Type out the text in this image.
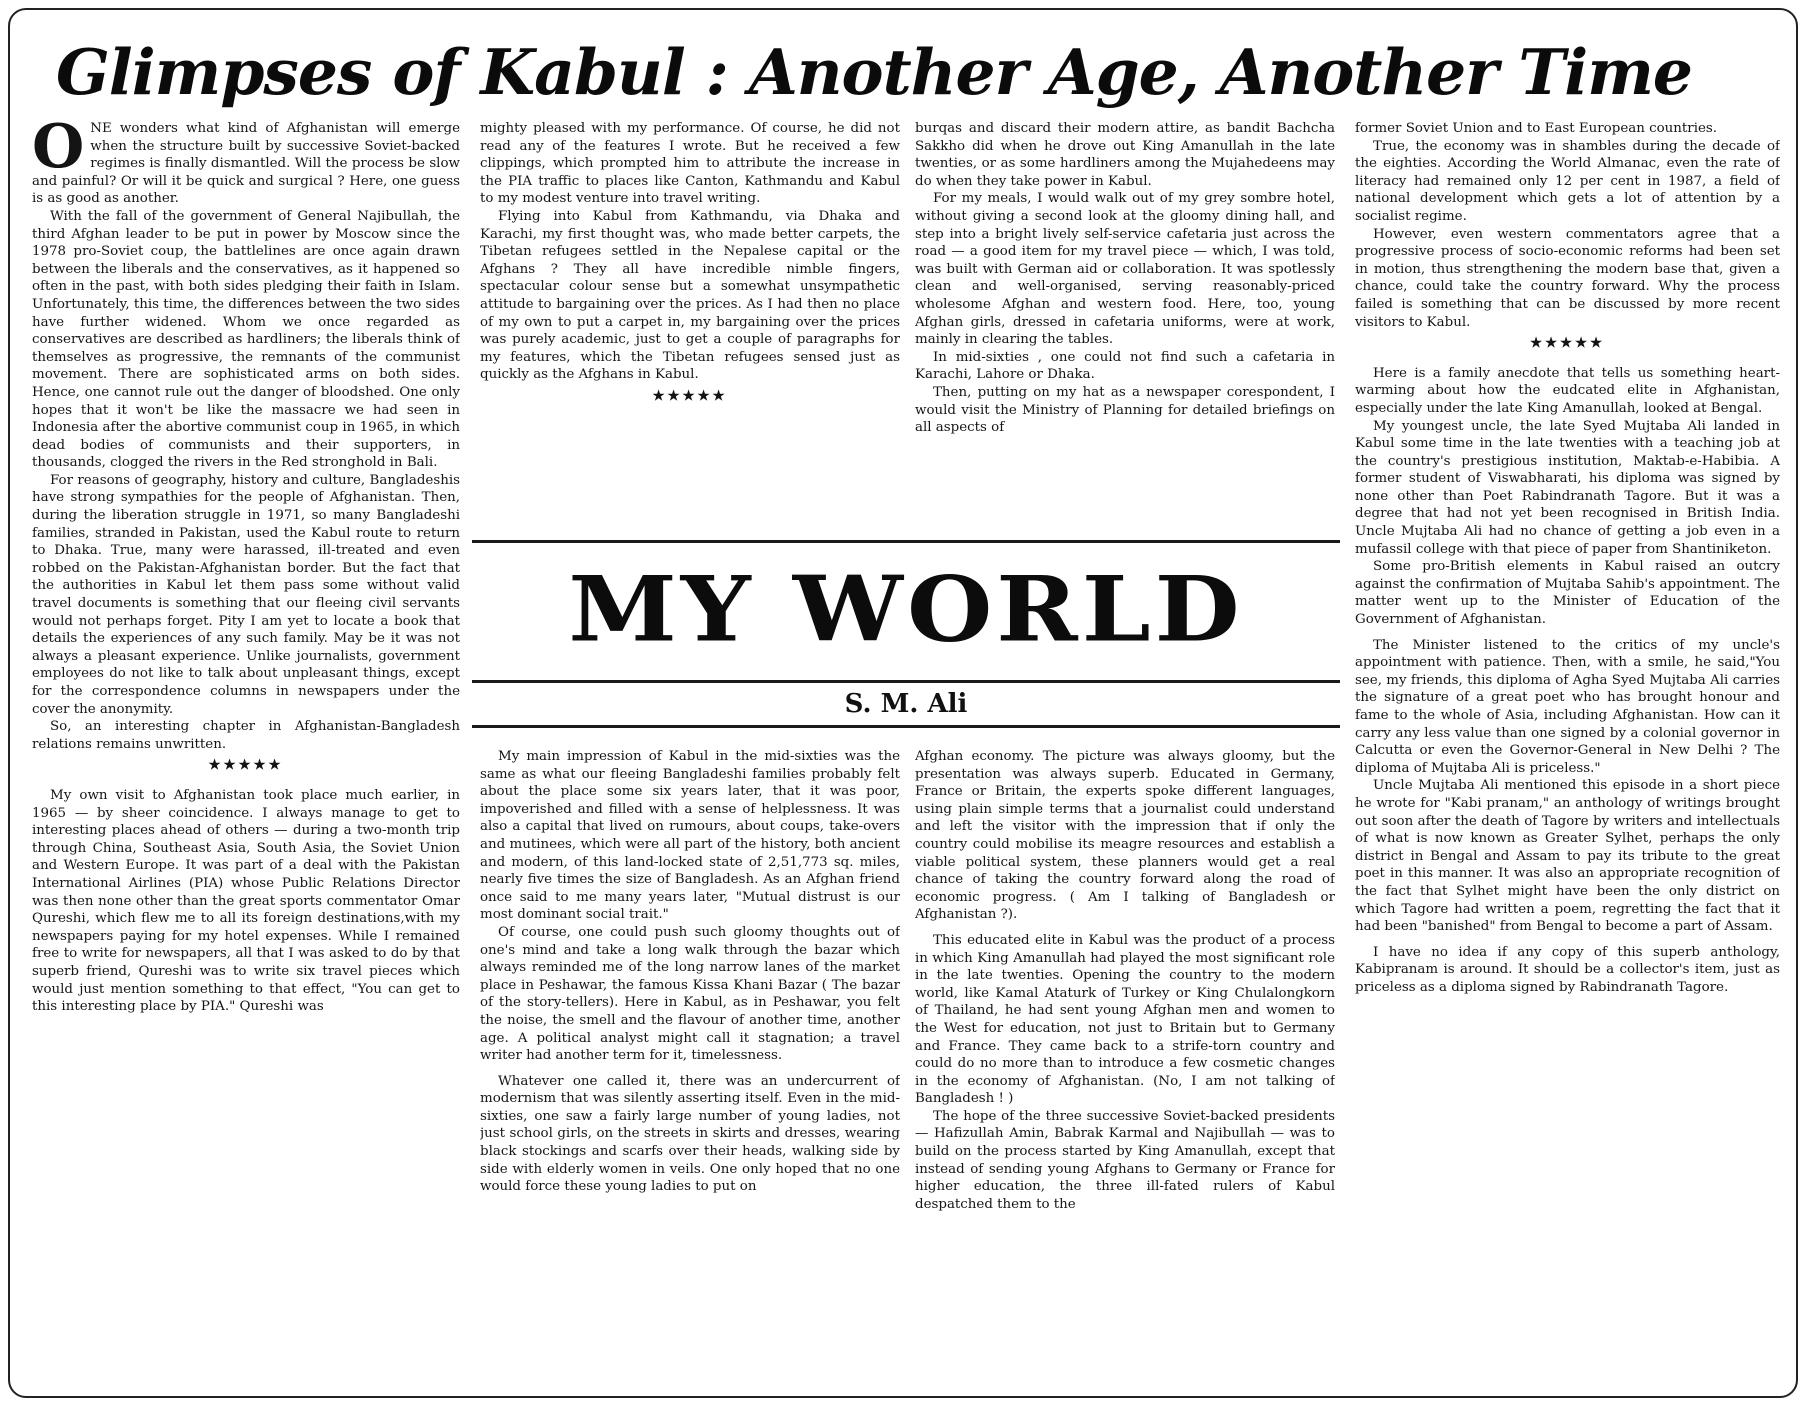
Glimpses of Kabul : Another Age, Another Time

ONE wonders what kind of Afghanistan will emerge when the structure built by successive Soviet-backed regimes is finally dismantled. Will the process be slow and painful? Or will it be quick and surgical ? Here, one guess is as good as another.

With the fall of the government of General Najibullah, the third Afghan leader to be put in power by Moscow since the 1978 pro-Soviet coup, the battlelines are once again drawn between the liberals and the conservatives, as it happened so often in the past, with both sides pledging their faith in Islam. Unfortunately, this time, the differences between the two sides have further widened. Whom we once regarded as conservatives are described as hardliners; the liberals think of themselves as progressive, the remnants of the communist movement. There are sophisticated arms on both sides. Hence, one cannot rule out the danger of bloodshed. One only hopes that it won't be like the massacre we had seen in Indonesia after the abortive communist coup in 1965, in which dead bodies of communists and their supporters, in thousands, clogged the rivers in the Red stronghold in Bali.

For reasons of geography, history and culture, Bangladeshis have strong sympathies for the people of Afghanistan. Then, during the liberation struggle in 1971, so many Bangladeshi families, stranded in Pakistan, used the Kabul route to return to Dhaka. True, many were harassed, ill-treated and even robbed on the Pakistan-Afghanistan border. But the fact that the authorities in Kabul let them pass some without valid travel documents is something that our fleeing civil servants would not perhaps forget. Pity I am yet to locate a book that details the experiences of any such family. May be it was not always a pleasant experience. Unlike journalists, government employees do not like to talk about unpleasant things, except for the correspondence columns in newspapers under the cover the anonymity.

So, an interesting chapter in Afghanistan-Bangladesh relations remains unwritten.

★★★★★

My own visit to Afghanistan took place much earlier, in 1965 — by sheer coincidence. I always manage to get to interesting places ahead of others — during a two-month trip through China, Southeast Asia, South Asia, the Soviet Union and Western Europe. It was part of a deal with the Pakistan International Airlines (PIA) whose Public Relations Director was then none other than the great sports commentator Omar Qureshi, which flew me to all its foreign destinations,with my newspapers paying for my hotel expenses. While I remained free to write for newspapers, all that I was asked to do by that superb friend, Qureshi was to write six travel pieces which would just mention something to that effect, "You can get to this interesting place by PIA." Qureshi was

mighty pleased with my performance. Of course, he did not read any of the features I wrote. But he received a few clippings, which prompted him to attribute the increase in the PIA traffic to places like Canton, Kathmandu and Kabul to my modest venture into travel writing.

Flying into Kabul from Kathmandu, via Dhaka and Karachi, my first thought was, who made better carpets, the Tibetan refugees settled in the Nepalese capital or the Afghans ? They all have incredible nimble fingers, spectacular colour sense but a somewhat unsympathetic attitude to bargaining over the prices. As I had then no place of my own to put a carpet in, my bargaining over the prices was purely academic, just to get a couple of paragraphs for my features, which the Tibetan refugees sensed just as quickly as the Afghans in Kabul.

★★★★★

burqas and discard their modern attire, as bandit Bachcha Sakkho did when he drove out King Amanullah in the late twenties, or as some hardliners among the Mujahedeens may do when they take power in Kabul.

For my meals, I would walk out of my grey sombre hotel, without giving a second look at the gloomy dining hall, and step into a bright lively self-service cafetaria just across the road — a good item for my travel piece — which, I was told, was built with German aid or collaboration. It was spotlessly clean and well-organised, serving reasonably-priced wholesome Afghan and western food. Here, too, young Afghan girls, dressed in cafetaria uniforms, were at work, mainly in clearing the tables.

In mid-sixties , one could not find such a cafetaria in Karachi, Lahore or Dhaka.

Then, putting on my hat as a newspaper corespondent, I would visit the Ministry of Planning for detailed briefings on all aspects of

former Soviet Union and to East European countries.

True, the economy was in shambles during the decade of the eighties. According the World Almanac, even the rate of literacy had remained only 12 per cent in 1987, a field of national development which gets a lot of attention by a socialist regime.

However, even western commentators agree that a progressive process of socio-economic reforms had been set in motion, thus strengthening the modern base that, given a chance, could take the country forward. Why the process failed is something that can be discussed by more recent visitors to Kabul.

★★★★★

Here is a family anecdote that tells us something heart-warming about how the eudcated elite in Afghanistan, especially under the late King Amanullah, looked at Bengal.

My youngest uncle, the late Syed Mujtaba Ali landed in Kabul some time in the late twenties with a teaching job at the country's prestigious institution, Maktab-e-Habibia. A former student of Viswabharati, his diploma was signed by none other than Poet Rabindranath Tagore. But it was a degree that had not yet been recognised in British India. Uncle Mujtaba Ali had no chance of getting a job even in a mufassil college with that piece of paper from Shantiniketon.

Some pro-British elements in Kabul raised an outcry against the confirmation of Mujtaba Sahib's appointment. The matter went up to the Minister of Education of the Government of Afghanistan.

The Minister listened to the critics of my uncle's appointment with patience. Then, with a smile, he said,"You see, my friends, this diploma of Agha Syed Mujtaba Ali carries the signature of a great poet who has brought honour and fame to the whole of Asia, including Afghanistan. How can it carry any less value than one signed by a colonial governor in Calcutta or even the Governor-General in New Delhi ? The diploma of Mujtaba Ali is priceless."

Uncle Mujtaba Ali mentioned this episode in a short piece he wrote for "Kabi pranam," an anthology of writings brought out soon after the death of Tagore by writers and intellectuals of what is now known as Greater Sylhet, perhaps the only district in Bengal and Assam to pay its tribute to the great poet in this manner. It was also an appropriate recognition of the fact that Sylhet might have been the only district on which Tagore had written a poem, regretting the fact that it had been "banished" from Bengal to become a part of Assam.

I have no idea if any copy of this superb anthology, Kabipranam is around. It should be a collector's item, just as priceless as a diploma signed by Rabindranath Tagore.

MY WORLD
S. M. Ali

My main impression of Kabul in the mid-sixties was the same as what our fleeing Bangladeshi families probably felt about the place some six years later, that it was poor, impoverished and filled with a sense of helplessness. It was also a capital that lived on rumours, about coups, take-overs and mutinees, which were all part of the history, both ancient and modern, of this land-locked state of 2,51,773 sq. miles, nearly five times the size of Bangladesh. As an Afghan friend once said to me many years later, "Mutual distrust is our most dominant social trait."

Of course, one could push such gloomy thoughts out of one's mind and take a long walk through the bazar which always reminded me of the long narrow lanes of the market place in Peshawar, the famous Kissa Khani Bazar ( The bazar of the story-tellers). Here in Kabul, as in Peshawar, you felt the noise, the smell and the flavour of another time, another age. A political analyst might call it stagnation; a travel writer had another term for it, timelessness.

Whatever one called it, there was an undercurrent of modernism that was silently asserting itself. Even in the mid-sixties, one saw a fairly large number of young ladies, not just school girls, on the streets in skirts and dresses, wearing black stockings and scarfs over their heads, walking side by side with elderly women in veils. One only hoped that no one would force these young ladies to put on

Afghan economy. The picture was always gloomy, but the presentation was always superb. Educated in Germany, France or Britain, the experts spoke different languages, using plain simple terms that a journalist could understand and left the visitor with the impression that if only the country could mobilise its meagre resources and establish a viable political system, these planners would get a real chance of taking the country forward along the road of economic progress. ( Am I talking of Bangladesh or Afghanistan ?).

This educated elite in Kabul was the product of a process in which King Amanullah had played the most significant role in the late twenties. Opening the country to the modern world, like Kamal Ataturk of Turkey or King Chulalongkorn of Thailand, he had sent young Afghan men and women to the West for education, not just to Britain but to Germany and France. They came back to a strife-torn country and could do no more than to introduce a few cosmetic changes in the economy of Afghanistan. (No, I am not talking of Bangladesh ! )

The hope of the three successive Soviet-backed presidents — Hafizullah Amin, Babrak Karmal and Najibullah — was to build on the process started by King Amanullah, except that instead of sending young Afghans to Germany or France for higher education, the three ill-fated rulers of Kabul despatched them to the
